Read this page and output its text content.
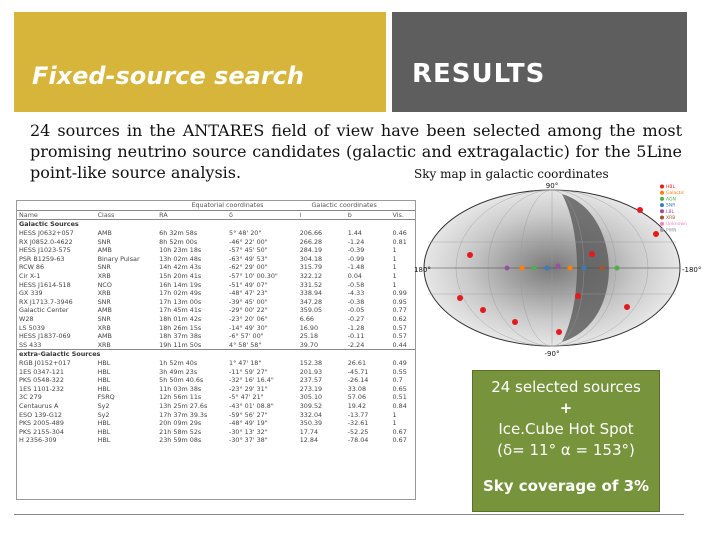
Fixed-source search	RESULTS
24 sources in the ANTARES field of view have been selected among the most promising neutrino source candidates (galactic and extragalactic) for the 5Line point-like source analysis.	Sky map in galactic coordinates
		Equatorial coordinates		Galactic coordinates		
Name	Class	RA	δ	l	b	Vis.
Galactic Sources						
HESS J0632+057	AMB	6h 32m 58s	5° 48' 20"	206.66	1.44	0.46
RX J0852.0-4622	SNR	8h 52m 00s	-46° 22' 00"	266.28	-1.24	0.81
HESS J1023-575	AMB	10h 23m 18s	-57° 45' 50"	284.19	-0.39	1
PSR B1259-63	Binary Pulsar	13h 02m 48s	-63° 49' 53"	304.18	-0.99	1
RCW 86	SNR	14h 42m 43s	-62° 29' 00"	315.79	-1.48	1
Cir X-1	XRB	15h 20m 41s	-57° 10' 00.30"	322.12	0.04	1
HESS J1614-518	NCO	16h 14m 19s	-51° 49' 07"	331.52	-0.58	1
GX 339	XRB	17h 02m 49s	-48° 47' 23"	338.94	-4.33	0.99
RX J1713.7-3946	SNR	17h 13m 00s	-39° 45' 00"	347.28	-0.38	0.95
Galactic Center	AMB	17h 45m 41s	-29° 00' 22"	359.05	-0.05	0.77
W28	SNR	18h 01m 42s	-23° 20' 06"	6.66	-0.27	0.62
LS 5039	XRB	18h 26m 15s	-14° 49' 30"	16.90	-1.28	0.57
HESS J1837-069	AMB	18h 37m 38s	-6° 57' 00"	25.18	-0.11	0.57
SS 433	XRB	19h 11m 50s	4° 58' 58"	39.70	-2.24	0.44
extra-Galactic Sources						
RGB J0152+017	HBL	1h 52m 40s	1° 47' 18"	152.38	26.61	0.49
1ES 0347-121	HBL	3h 49m 23s	-11° 59' 27"	201.93	-45.71	0.55
PKS 0548-322	HBL	5h 50m 40.6s	-32° 16' 16.4"	237.57	-26.14	0.7
1ES 1101-232	HBL	11h 03m 38s	-23° 29' 31"	273.19	33.08	0.65
3C 279	FSRQ	12h 56m 11s	-5° 47' 21"	305.10	57.06	0.51
Centaurus A	Sy2	13h 25m 27.6s	-43° 01' 08.8"	309.52	19.42	0.84
ESO 139-G12	Sy2	17h 37m 39.3s	-59° 56' 27"	332.04	-13.77	1
PKS 2005-489	HBL	20h 09m 29s	-48° 49' 19"	350.39	-32.61	1
PKS 2155-304	HBL	21h 58m 52s	-30° 13' 32"	17.74	-52.25	0.67
H 2356-309	HBL	23h 59m 08s	-30° 37' 38"	12.84	-78.04	0.67
90°
-90°
180°	-180°
HBL
Galactic
AGN
SNR
LBL
XRB
Unknown
PWN
24 selected sources
+
Ice.Cube Hot Spot
(δ= 11° α = 153°)
Sky coverage of 3%
